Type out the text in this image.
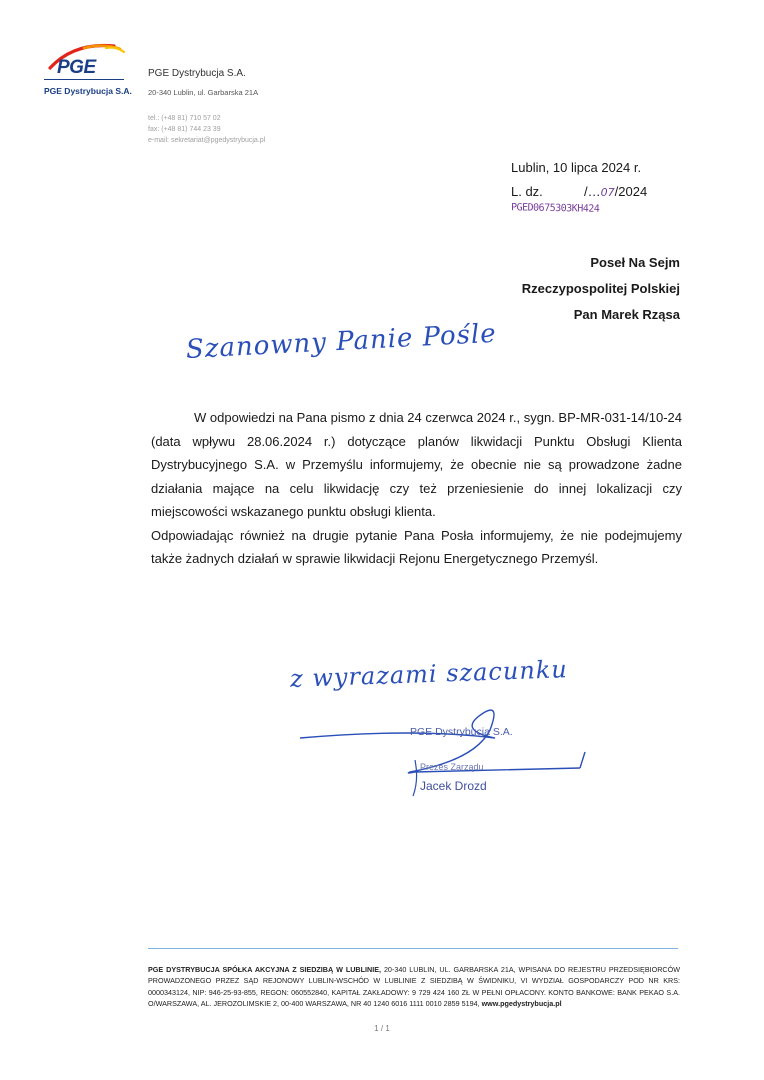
PGE
PGE Dystrybucja S.A.
PGE Dystrybucja S.A.
20-340 Lublin, ul. Garbarska 21A
tel.: (+48 81) 710 57 02
fax: (+48 81) 744 23 39
e-mail: sekretariat@pgedystrybucja.pl
Lublin, 10 lipca 2024 r.
L. dz.	/…07/2024
PGED0675303KH424
Poseł Na Sejm
Rzeczypospolitej Polskiej
Pan Marek Rząsa
Szanowny Panie Pośle

W odpowiedzi na Pana pismo z dnia 24 czerwca 2024 r., sygn. BP-MR-031-14/10-24 (data wpływu 28.06.2024 r.) dotyczące planów likwidacji Punktu Obsługi Klienta Dystrybucyjnego S.A. w Przemyślu informujemy, że obecnie nie są prowadzone żadne działania mające na celu likwidację czy też przeniesienie do innej lokalizacji czy miejscowości wskazanego punktu obsługi klienta.

Odpowiadając również na drugie pytanie Pana Posła informujemy, że nie podejmujemy także żadnych działań w sprawie likwidacji Rejonu Energetycznego Przemyśl.

z wyrazami szacunku
PGE Dystrybucja S.A.
Prezes Zarządu
Jacek Drozd
PGE DYSTRYBUCJA SPÓŁKA AKCYJNA Z SIEDZIBĄ W LUBLINIE, 20-340 LUBLIN, UL. GARBARSKA 21A, WPISANA DO REJESTRU PRZEDSIĘBIORCÓW PROWADZONEGO PRZEZ SĄD REJONOWY LUBLIN-WSCHÓD W LUBLINIE Z SIEDZIBĄ W ŚWIDNIKU, VI WYDZIAŁ GOSPODARCZY POD NR KRS: 0000343124, NIP: 946-25-93-855, REGON: 060552840, KAPITAŁ ZAKŁADOWY: 9 729 424 160 ZŁ W PEŁNI OPŁACONY. KONTO BANKOWE: BANK PEKAO S.A. O/WARSZAWA, AL. JEROZOLIMSKIE 2, 00-400 WARSZAWA, NR 40 1240 6016 1111 0010 2859 5194, www.pgedystrybucja.pl
1 / 1
